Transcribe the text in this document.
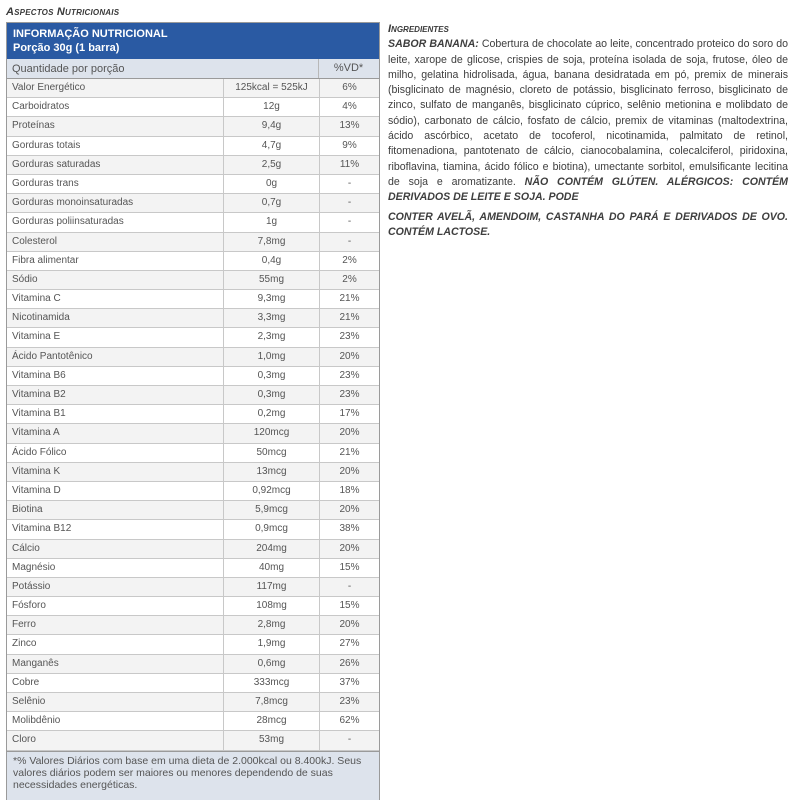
Aspectos Nutricionais
INFORMAÇÃO NUTRICIONAL
Porção 30g (1 barra)
Quantidade por porção	%VD*
Valor Energético	125kcal = 525kJ	6%
Carboidratos	12g	4%
Proteínas	9,4g	13%
Gorduras totais	4,7g	9%
Gorduras saturadas	2,5g	11%
Gorduras trans	0g	-
Gorduras monoinsaturadas	0,7g	-
Gorduras poliinsaturadas	1g	-
Colesterol	7,8mg	-
Fibra alimentar	0,4g	2%
Sódio	55mg	2%
Vitamina C	9,3mg	21%
Nicotinamida	3,3mg	21%
Vitamina E	2,3mg	23%
Ácido Pantotênico	1,0mg	20%
Vitamina B6	0,3mg	23%
Vitamina B2	0,3mg	23%
Vitamina B1	0,2mg	17%
Vitamina A	120mcg	20%
Ácido Fólico	50mcg	21%
Vitamina K	13mcg	20%
Vitamina D	0,92mcg	18%
Biotina	5,9mcg	20%
Vitamina B12	0,9mcg	38%
Cálcio	204mg	20%
Magnésio	40mg	15%
Potássio	117mg	-
Fósforo	108mg	15%
Ferro	2,8mg	20%
Zinco	1,9mg	27%
Manganês	0,6mg	26%
Cobre	333mcg	37%
Selênio	7,8mcg	23%
Molibdênio	28mcg	62%
Cloro	53mg	-
*% Valores Diários com base em uma dieta de 2.000kcal ou 8.400kJ. Seus valores diários podem ser maiores ou menores dependendo de suas necessidades energéticas.
Ingredientes
SABOR BANANA: Cobertura de chocolate ao leite, concentrado proteico do soro do leite, xarope de glicose, crispies de soja, proteína isolada de soja, frutose, óleo de milho, gelatina hidrolisada, água, banana desidratada em pó, premix de minerais (bisglicinato de magnésio, cloreto de potássio, bisglicinato ferroso, bisglicinato de zinco, sulfato de manganês, bisglicinato cúprico, selênio metionina e molibdato de sódio), carbonato de cálcio, fosfato de cálcio, premix de vitaminas (maltodextrina, ácido ascórbico, acetato de tocoferol, nicotinamida, palmitato de retinol, fitomenadiona, pantotenato de cálcio, cianocobalamina, colecalciferol, piridoxina, riboflavina, tiamina, ácido fólico e biotina), umectante sorbitol, emulsificante lecitina de soja e aromatizante. NÃO CONTÉM GLÚTEN. ALÉRGICOS: CONTÉM DERIVADOS DE LEITE E SOJA. PODE
CONTER AVELÃ, AMENDOIM, CASTANHA DO PARÁ E DERIVADOS DE OVO. CONTÉM LACTOSE.
